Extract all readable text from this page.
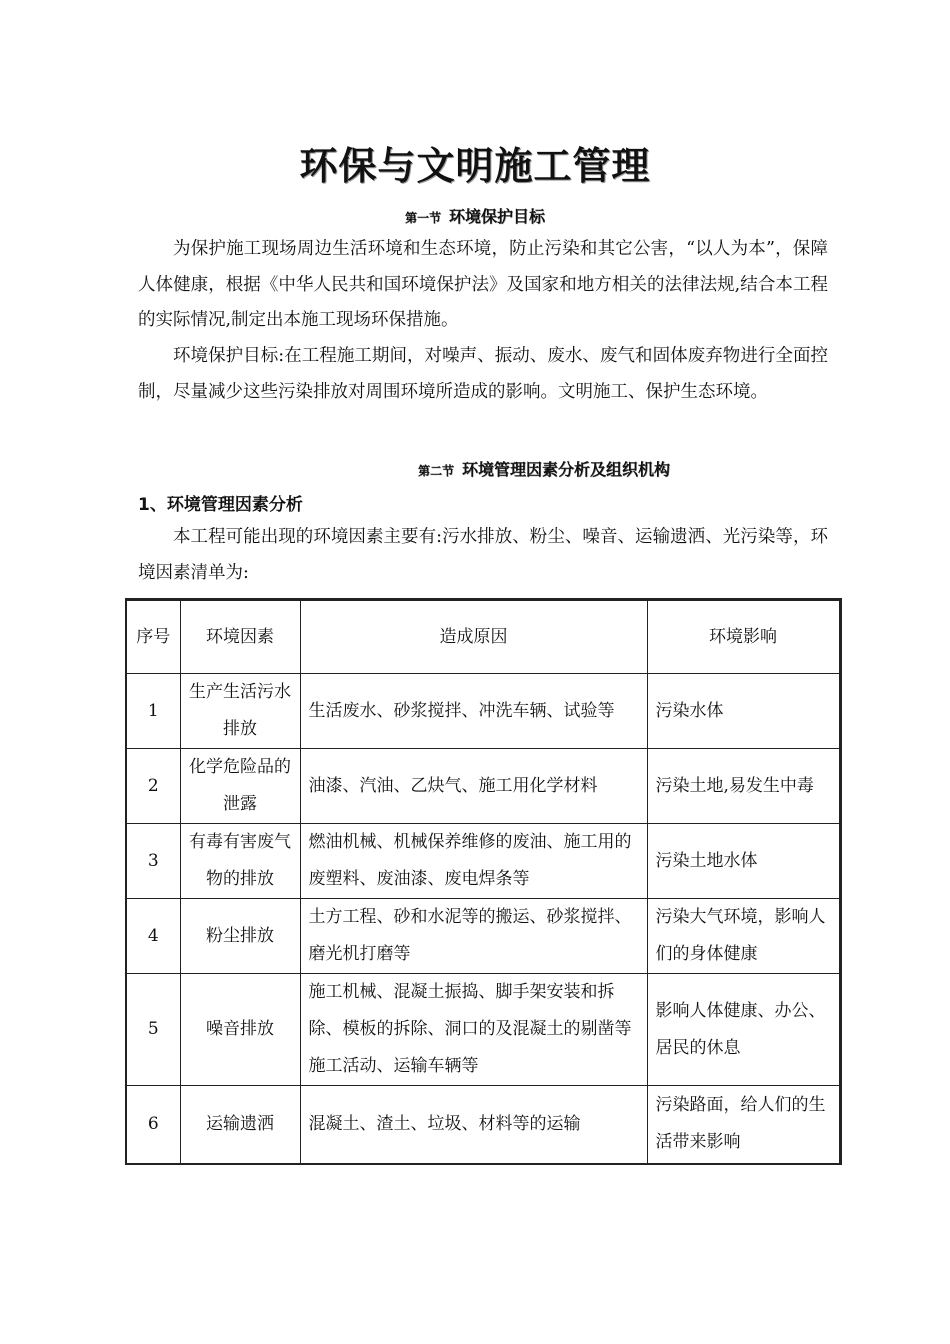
环保与文明施工管理
第一节 环境保护目标

为保护施工现场周边生活环境和生态环境，防止污染和其它公害，“以人为本”，保障人体健康，根据《中华人民共和国环境保护法》及国家和地方相关的法律法规,结合本工程的实际情况,制定出本施工现场环保措施。

环境保护目标:在工程施工期间，对噪声、振动、废水、废气和固体废弃物进行全面控制，尽量减少这些污染排放对周围环境所造成的影响。文明施工、保护生态环境。

第二节 环境管理因素分析及组织机构
1、环境管理因素分析

本工程可能出现的环境因素主要有:污水排放、粉尘、噪音、运输遗洒、光污染等，环境因素清单为:

序号	环境因素	造成原因	环境影响
1	生产生活污水排放	生活废水、砂浆搅拌、冲洗车辆、试验等	污染水体
2	化学危险品的泄露	油漆、汽油、乙炔气、施工用化学材料	污染土地,易发生中毒
3	有毒有害废气物的排放	燃油机械、机械保养维修的废油、施工用的废塑料、废油漆、废电焊条等	污染土地水体
4	粉尘排放	土方工程、砂和水泥等的搬运、砂浆搅拌、磨光机打磨等	污染大气环境，影响人们的身体健康
5	噪音排放	施工机械、混凝土振捣、脚手架安装和拆除、模板的拆除、洞口的及混凝土的剔凿等施工活动、运输车辆等	影响人体健康、办公、居民的休息
6	运输遗洒	混凝土、渣土、垃圾、材料等的运输	污染路面，给人们的生活带来影响
